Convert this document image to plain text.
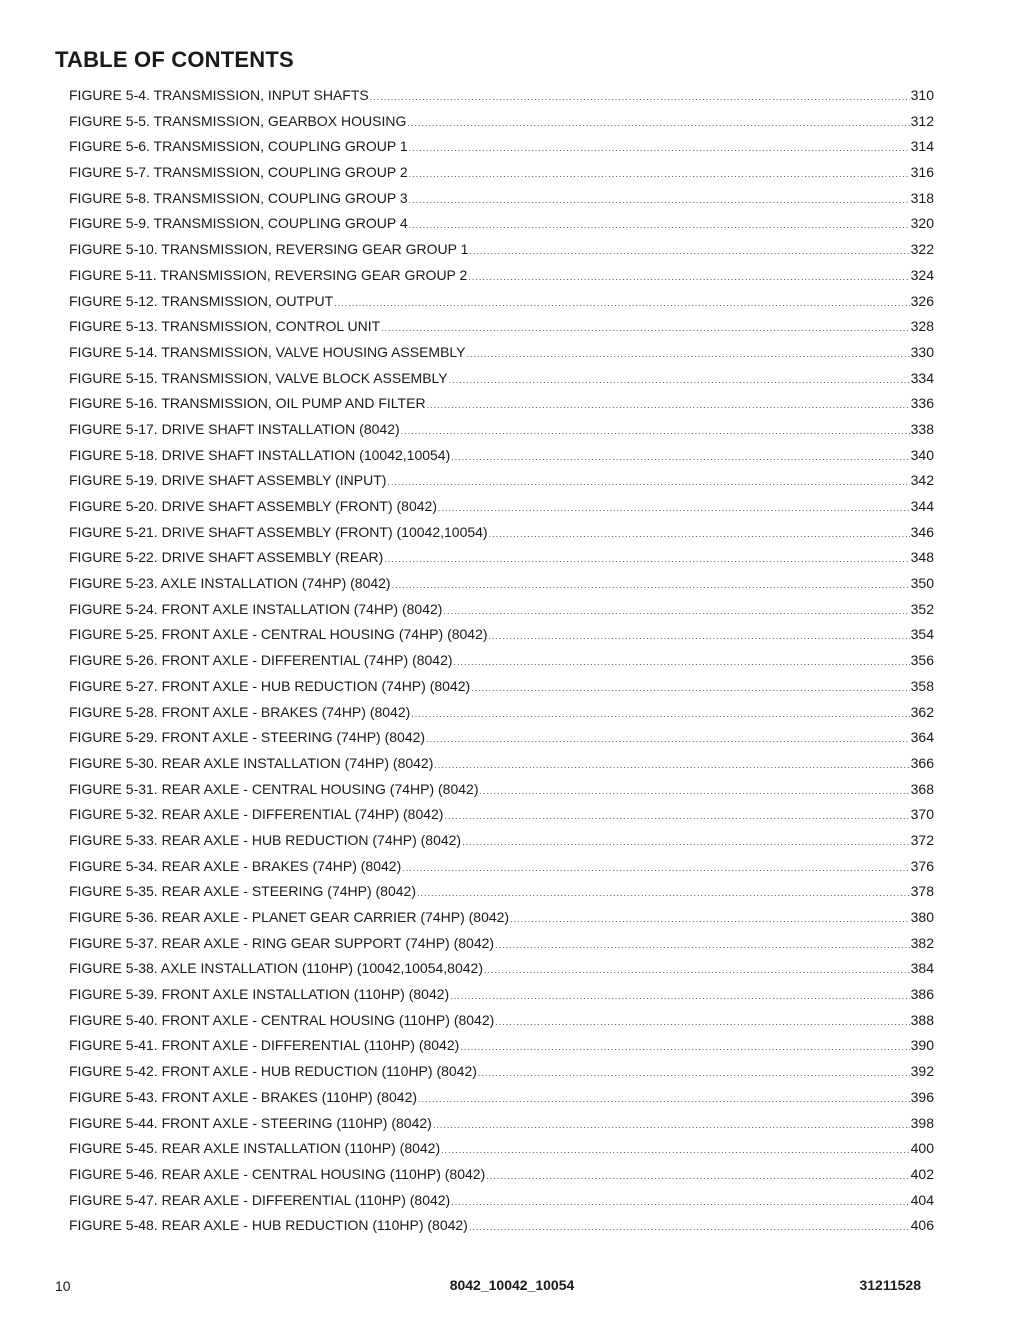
TABLE OF CONTENTS
FIGURE 5-4. TRANSMISSION, INPUT SHAFTS .....	310
FIGURE 5-5. TRANSMISSION, GEARBOX HOUSING .....	312
FIGURE 5-6. TRANSMISSION, COUPLING GROUP 1 .....	314
FIGURE 5-7. TRANSMISSION, COUPLING GROUP 2 .....	316
FIGURE 5-8. TRANSMISSION, COUPLING GROUP 3 .....	318
FIGURE 5-9. TRANSMISSION, COUPLING GROUP 4 .....	320
FIGURE 5-10. TRANSMISSION, REVERSING GEAR GROUP 1 .....	322
FIGURE 5-11. TRANSMISSION, REVERSING GEAR GROUP 2 .....	324
FIGURE 5-12. TRANSMISSION, OUTPUT .....	326
FIGURE 5-13. TRANSMISSION, CONTROL UNIT .....	328
FIGURE 5-14. TRANSMISSION, VALVE HOUSING ASSEMBLY .....	330
FIGURE 5-15. TRANSMISSION, VALVE BLOCK ASSEMBLY .....	334
FIGURE 5-16. TRANSMISSION, OIL PUMP AND FILTER .....	336
FIGURE 5-17. DRIVE SHAFT INSTALLATION (8042) .....	338
FIGURE 5-18. DRIVE SHAFT INSTALLATION (10042,10054) .....	340
FIGURE 5-19. DRIVE SHAFT ASSEMBLY (INPUT) .....	342
FIGURE 5-20. DRIVE SHAFT ASSEMBLY (FRONT) (8042) .....	344
FIGURE 5-21. DRIVE SHAFT ASSEMBLY (FRONT) (10042,10054) .....	346
FIGURE 5-22. DRIVE SHAFT ASSEMBLY (REAR) .....	348
FIGURE 5-23. AXLE INSTALLATION (74HP) (8042) .....	350
FIGURE 5-24. FRONT AXLE INSTALLATION (74HP) (8042) .....	352
FIGURE 5-25. FRONT AXLE - CENTRAL HOUSING (74HP) (8042) .....	354
FIGURE 5-26. FRONT AXLE - DIFFERENTIAL (74HP) (8042) .....	356
FIGURE 5-27. FRONT AXLE - HUB REDUCTION (74HP) (8042) .....	358
FIGURE 5-28. FRONT AXLE - BRAKES (74HP) (8042) .....	362
FIGURE 5-29. FRONT AXLE - STEERING (74HP) (8042) .....	364
FIGURE 5-30. REAR AXLE INSTALLATION (74HP) (8042) .....	366
FIGURE 5-31. REAR AXLE - CENTRAL HOUSING (74HP) (8042) .....	368
FIGURE 5-32. REAR AXLE - DIFFERENTIAL (74HP) (8042) .....	370
FIGURE 5-33. REAR AXLE - HUB REDUCTION (74HP) (8042) .....	372
FIGURE 5-34. REAR AXLE - BRAKES (74HP) (8042) .....	376
FIGURE 5-35. REAR AXLE - STEERING (74HP) (8042) .....	378
FIGURE 5-36. REAR AXLE - PLANET GEAR CARRIER (74HP) (8042) .....	380
FIGURE 5-37. REAR AXLE - RING GEAR SUPPORT (74HP) (8042) .....	382
FIGURE 5-38. AXLE INSTALLATION (110HP) (10042,10054,8042) .....	384
FIGURE 5-39. FRONT AXLE INSTALLATION (110HP) (8042) .....	386
FIGURE 5-40. FRONT AXLE - CENTRAL HOUSING (110HP) (8042) .....	388
FIGURE 5-41. FRONT AXLE - DIFFERENTIAL (110HP) (8042) .....	390
FIGURE 5-42. FRONT AXLE - HUB REDUCTION (110HP) (8042) .....	392
FIGURE 5-43. FRONT AXLE - BRAKES (110HP) (8042) .....	396
FIGURE 5-44. FRONT AXLE - STEERING (110HP) (8042) .....	398
FIGURE 5-45. REAR AXLE INSTALLATION (110HP) (8042) .....	400
FIGURE 5-46. REAR AXLE - CENTRAL HOUSING (110HP) (8042) .....	402
FIGURE 5-47. REAR AXLE - DIFFERENTIAL (110HP) (8042) .....	404
FIGURE 5-48. REAR AXLE - HUB REDUCTION (110HP) (8042) .....	406
10	8042_10042_10054	31211528
